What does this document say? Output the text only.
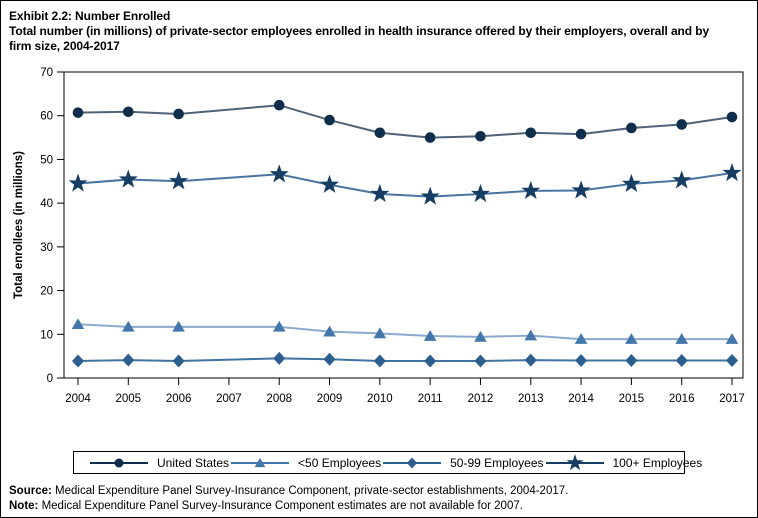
Exhibit 2.2: Number Enrolled
Total number (in millions) of private-sector employees enrolled in health insurance offered by their employers, overall and by firm size, 2004-2017
0
10
20
30
40
50
60
70
2004 2005 2006 2007 2008 2009 2010 2011 2012 2013 2014 2015 2016 2017
Total enrollees (in millions)
United States	<50 Employees	50-99 Employees	100+ Employees
Source: Medical Expenditure Panel Survey-Insurance Component, private-sector establishments, 2004-2017.
Note: Medical Expenditure Panel Survey-Insurance Component estimates are not available for 2007.
